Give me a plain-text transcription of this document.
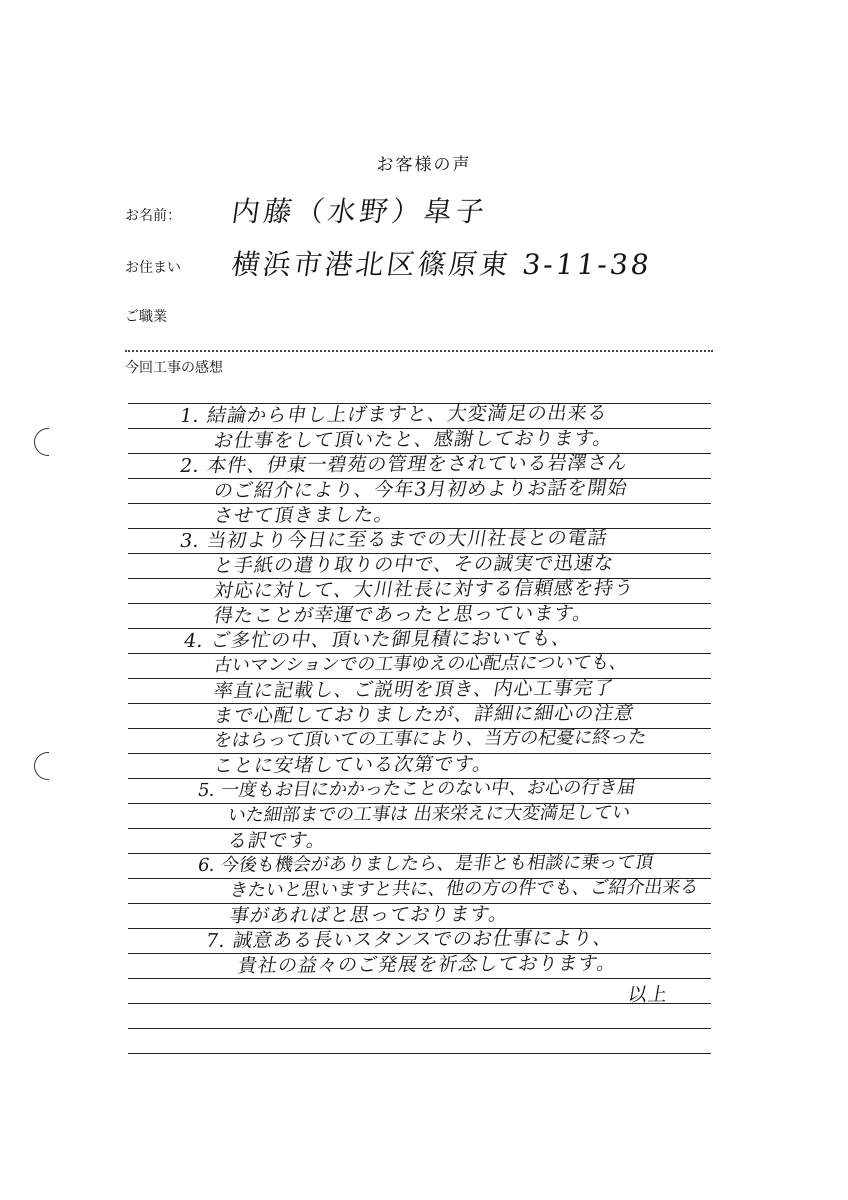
お客様の声
お名前： 内藤（水野）皐子
お住まい 横浜市港北区篠原東 3-11-38
ご職業
今回工事の感想
1. 結論から申し上げますと、大変満足の出来る
お仕事をして頂いたと、感謝しております。
2. 本件、伊東一碧苑の管理をされている岩澤さん
のご紹介により、今年3月初めよりお話を開始
させて頂きました。
3. 当初より今日に至るまでの大川社長との電話
と手紙の遣り取りの中で、その誠実で迅速な
対応に対して、大川社長に対する信頼感を持う
得たことが幸運であったと思っています。
4. ご多忙の中、頂いた御見積においても、
古いマンションでの工事ゆえの心配点についても、
率直に記載し、ご説明を頂き、内心工事完了
まで心配しておりましたが、詳細に細心の注意
をはらって頂いての工事により、当方の杞憂に終った
ことに安堵している次第です。
5. 一度もお目にかかったことのない中、お心の行き届
いた細部までの工事は 出来栄えに大変満足してい
る訳です。
6. 今後も機会がありましたら、是非とも相談に乗って頂
きたいと思いますと共に、他の方の件でも、ご紹介出来る
事があればと思っております。
7. 誠意ある長いスタンスでのお仕事により、
貴社の益々のご発展を祈念しております。
以上
